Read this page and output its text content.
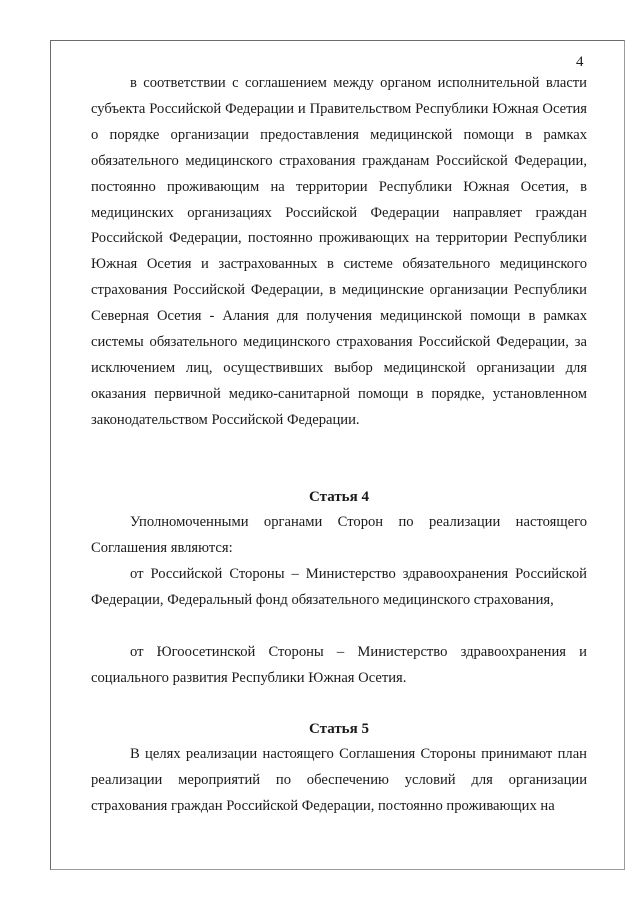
4

в соответствии с соглашением между органом исполнительной власти субъекта Российской Федерации и Правительством Республики Южная Осетия о порядке организации предоставления медицинской помощи в рамках обязательного медицинского страхования гражданам Российской Федерации, постоянно проживающим на территории Республики Южная Осетия, в медицинских организациях Российской Федерации направляет граждан Российской Федерации, постоянно проживающих на территории Республики Южная Осетия и застрахованных в системе обязательного медицинского страхования Российской Федерации, в медицинские организации Республики Северная Осетия - Алания для получения медицинской помощи в рамках системы обязательного медицинского страхования Российской Федерации, за исключением лиц, осуществивших выбор медицинской организации для оказания первичной медико-санитарной помощи в порядке, установленном законодательством Российской Федерации.

Статья 4

Уполномоченными органами Сторон по реализации настоящего Соглашения являются:

от Российской Стороны – Министерство здравоохранения Российской Федерации, Федеральный фонд обязательного медицинского страхования,

от Югоосетинской Стороны – Министерство здравоохранения и социального развития Республики Южная Осетия.

Статья 5

В целях реализации настоящего Соглашения Стороны принимают план реализации мероприятий по обеспечению условий для организации страхования граждан Российской Федерации, постоянно проживающих на
